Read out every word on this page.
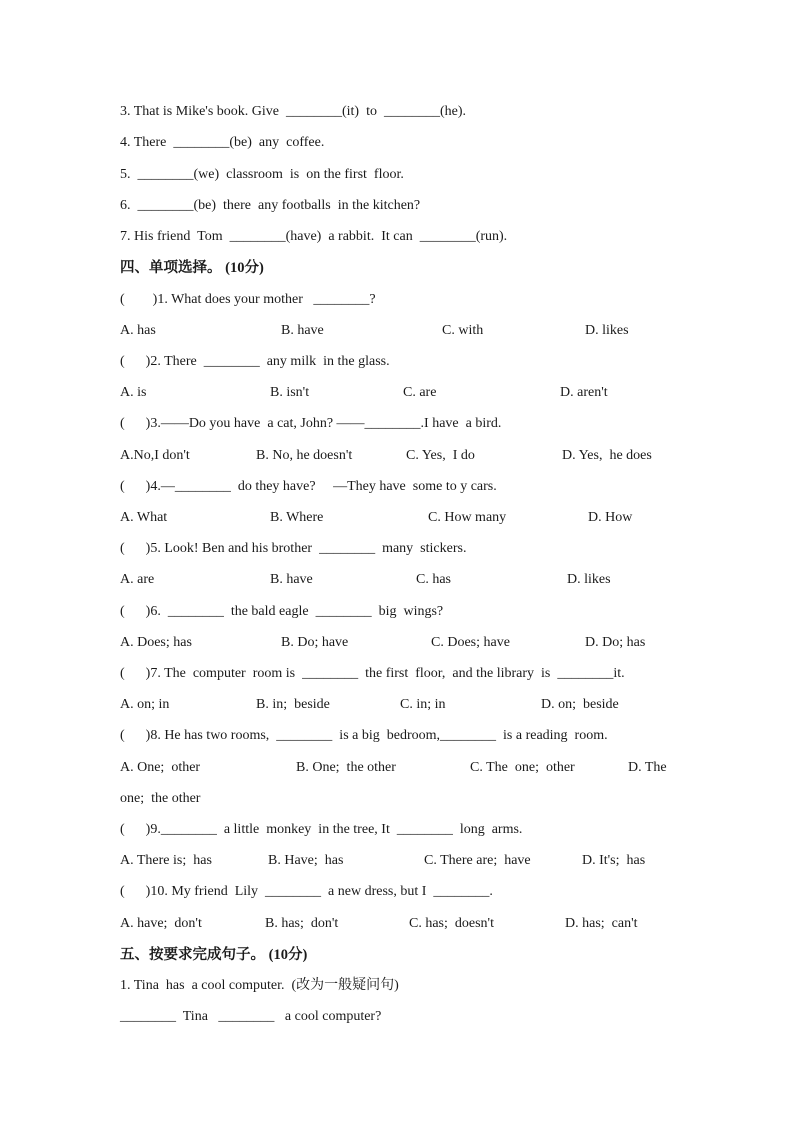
3. That is Mike's book. Give  ________(it)  to  ________(he).
4. There  ________(be)  any  coffee.
5.  ________(we)  classroom  is  on the first  floor.
6.  ________(be)  there  any footballs  in the kitchen?
7. His friend  Tom  ________(have)  a rabbit.  It can  ________(run).
四、单项选择。 (10分)
(        )1. What does your mother   ________?
A. has	B. have	C. with	D. likes
(      )2. There  ________  any milk  in the glass.
A. is	B. isn't	C. are	D. aren't
(      )3.——Do you have  a cat, John? ——________.I have  a bird.
A.No,I don't	B. No, he doesn't	C. Yes,  I do	D. Yes,  he does
(      )4.—________  do they have?     —They have  some to y cars.
A. What	B. Where	C. How many	D. How
(      )5. Look! Ben and his brother  ________  many  stickers.
A. are	B. have	C. has	D. likes
(      )6.  ________  the bald eagle  ________  big  wings?
A. Does; has	B. Do; have	C. Does; have	D. Do; has
(      )7. The  computer  room is  ________  the first  floor,  and the library  is  ________it.
A. on; in	B. in;  beside	C. in; in	D. on;  beside
(      )8. He has two rooms,  ________  is a big  bedroom,________  is a reading  room.
A. One;  other	B. One;  the other	C. The  one;  other	D. The
one;  the other
(      )9.________  a little  monkey  in the tree, It  ________  long  arms.
A. There is;  has	B. Have;  has	C. There are;  have	D. It's;  has
(      )10. My friend  Lily  ________  a new dress, but I  ________.
A. have;  don't	B. has;  don't	C. has;  doesn't	D. has;  can't
五、按要求完成句子。 (10分)
1. Tina  has  a cool computer.  (改为一般疑问句)
________  Tina   ________   a cool computer?
